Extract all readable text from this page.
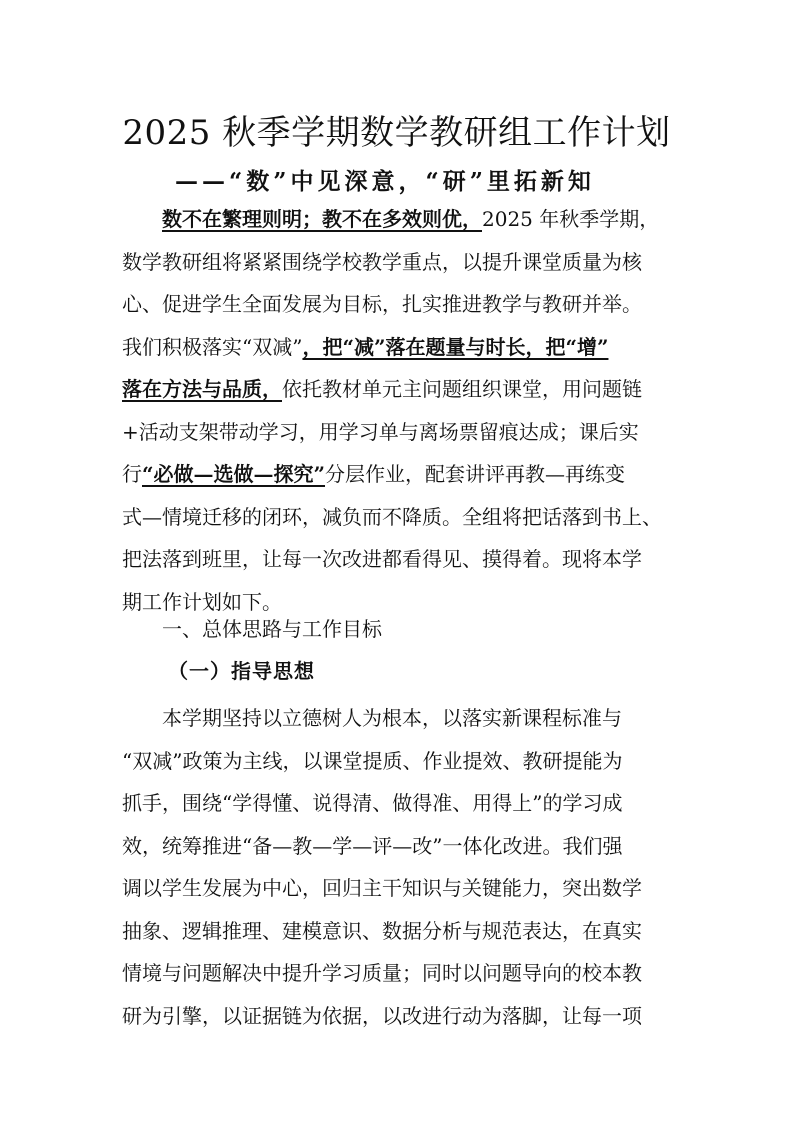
2025 秋季学期数学教研组工作计划
——“数”中见深意，“研”里拓新知
数不在繁理则明；教不在多效则优，2025 年秋季学期，
数学教研组将紧紧围绕学校教学重点，以提升课堂质量为核
心、促进学生全面发展为目标，扎实推进教学与教研并举。
我们积极落实“双减”，把“减”落在题量与时长，把“增”
落在方法与品质，依托教材单元主问题组织课堂，用问题链
+活动支架带动学习，用学习单与离场票留痕达成；课后实
行“必做—选做—探究”分层作业，配套讲评再教—再练变
式—情境迁移的闭环，减负而不降质。全组将把话落到书上、
把法落到班里，让每一次改进都看得见、摸得着。现将本学
期工作计划如下。
一、总体思路与工作目标
（一）指导思想
本学期坚持以立德树人为根本，以落实新课程标准与
“双减”政策为主线，以课堂提质、作业提效、教研提能为
抓手，围绕“学得懂、说得清、做得准、用得上”的学习成
效，统筹推进“备—教—学—评—改”一体化改进。我们强
调以学生发展为中心，回归主干知识与关键能力，突出数学
抽象、逻辑推理、建模意识、数据分析与规范表达，在真实
情境与问题解决中提升学习质量；同时以问题导向的校本教
研为引擎，以证据链为依据，以改进行动为落脚，让每一项
